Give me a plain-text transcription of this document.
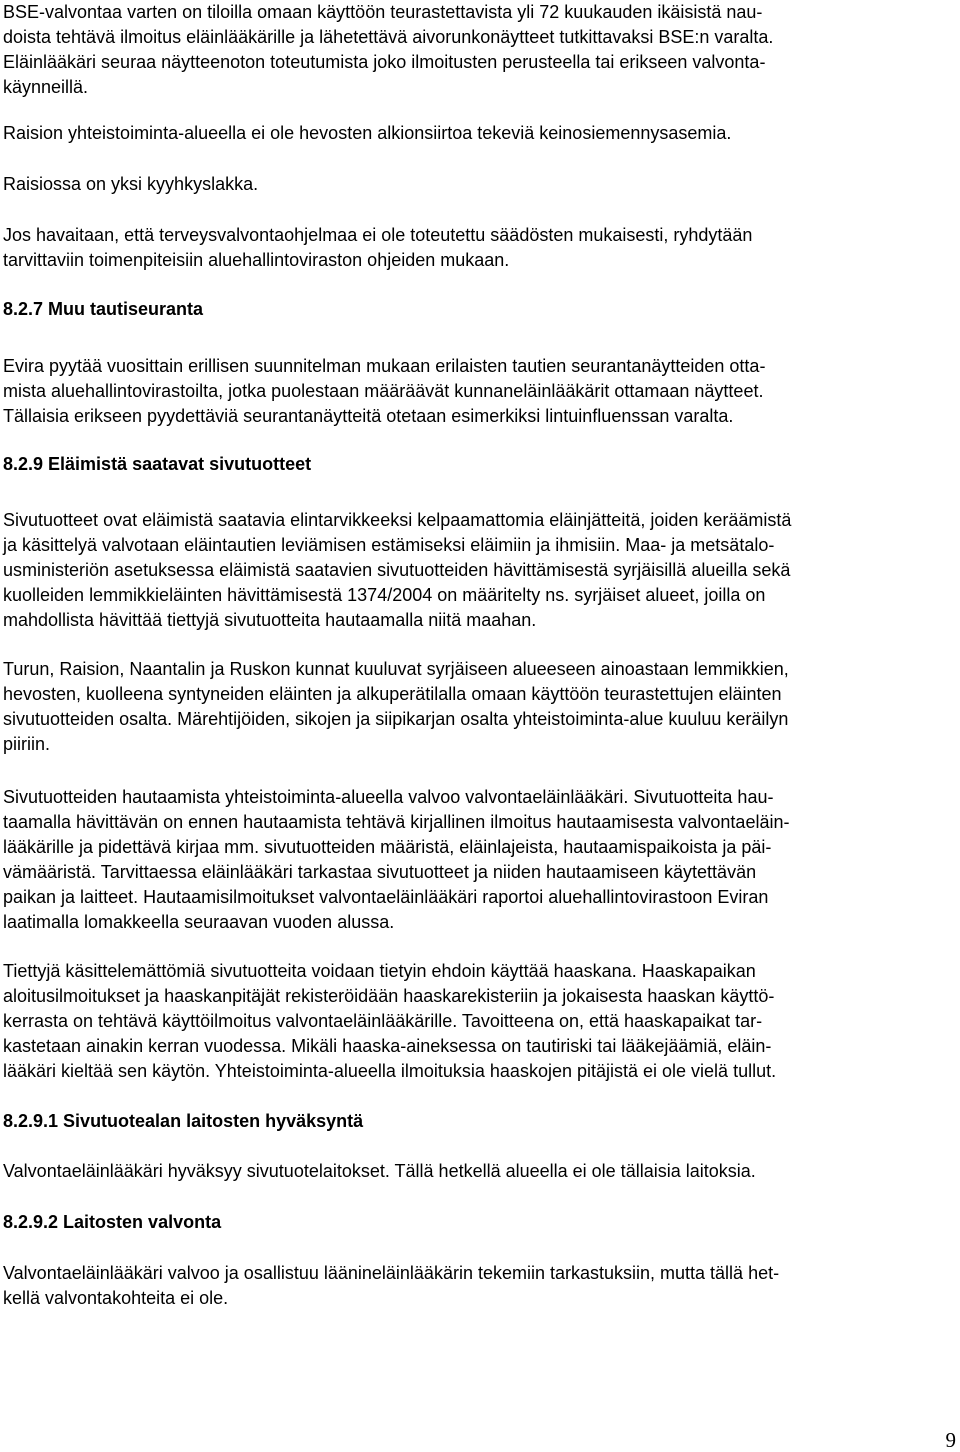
BSE-valvontaa varten on tiloilla omaan käyttöön teurastettavista yli 72 kuukauden ikäisistä nau-
doista tehtävä ilmoitus eläinlääkärille ja lähetettävä aivorunkonäytteet tutkittavaksi BSE:n varalta.
Eläinlääkäri seuraa näytteenoton toteutumista joko ilmoitusten perusteella tai erikseen valvonta-
käynneillä.
Raision yhteistoiminta-alueella ei ole hevosten alkionsiirtoa tekeviä keinosiemennysasemia.
Raisiossa on yksi kyyhkyslakka.
Jos havaitaan, että terveysvalvontaohjelmaa ei ole toteutettu säädösten mukaisesti, ryhdytään
tarvittaviin toimenpiteisiin aluehallintoviraston ohjeiden mukaan.
8.2.7 Muu tautiseuranta
Evira pyytää vuosittain erillisen suunnitelman mukaan erilaisten tautien seurantanäytteiden otta-
mista aluehallintovirastoilta, jotka puolestaan määräävät kunnaneläinlääkärit ottamaan näytteet.
Tällaisia erikseen pyydettäviä seurantanäytteitä otetaan esimerkiksi lintuinfluenssan varalta.
8.2.9 Eläimistä saatavat sivutuotteet
Sivutuotteet ovat eläimistä saatavia elintarvikkeeksi kelpaamattomia eläinjätteitä, joiden keräämistä
ja käsittelyä valvotaan eläintautien leviämisen estämiseksi eläimiin ja ihmisiin. Maa- ja metsätalo-
usministeriön asetuksessa eläimistä saatavien sivutuotteiden hävittämisestä syrjäisillä alueilla sekä
kuolleiden lemmikkieläinten hävittämisestä 1374/2004 on määritelty ns. syrjäiset alueet, joilla on
mahdollista hävittää tiettyjä sivutuotteita hautaamalla niitä maahan.
Turun, Raision, Naantalin ja Ruskon kunnat kuuluvat syrjäiseen alueeseen ainoastaan lemmikkien,
hevosten, kuolleena syntyneiden eläinten ja alkuperätilalla omaan käyttöön teurastettujen eläinten
sivutuotteiden osalta. Märehtijöiden, sikojen ja siipikarjan osalta yhteistoiminta-alue kuuluu keräilyn
piiriin.
Sivutuotteiden hautaamista yhteistoiminta-alueella valvoo valvontaeläinlääkäri. Sivutuotteita hau-
taamalla hävittävän on ennen hautaamista tehtävä kirjallinen ilmoitus hautaamisesta valvontaeläin-
lääkärille ja pidettävä kirjaa mm. sivutuotteiden määristä, eläinlajeista, hautaamispaikoista ja päi-
vämääristä. Tarvittaessa eläinlääkäri tarkastaa sivutuotteet ja niiden hautaamiseen käytettävän
paikan ja laitteet. Hautaamisilmoitukset valvontaeläinlääkäri raportoi aluehallintovirastoon Eviran
laatimalla lomakkeella seuraavan vuoden alussa.
Tiettyjä käsittelemättömiä sivutuotteita voidaan tietyin ehdoin käyttää haaskana. Haaskapaikan
aloitusilmoitukset ja haaskanpitäjät rekisteröidään haaskarekisteriin ja jokaisesta haaskan käyttö-
kerrasta on tehtävä käyttöilmoitus valvontaeläinlääkärille. Tavoitteena on, että haaskapaikat tar-
kastetaan ainakin kerran vuodessa. Mikäli haaska-aineksessa on tautiriski tai lääkejäämiä, eläin-
lääkäri kieltää sen käytön. Yhteistoiminta-alueella ilmoituksia haaskojen pitäjistä ei ole vielä tullut.
8.2.9.1 Sivutuotealan laitosten hyväksyntä
Valvontaeläinlääkäri hyväksyy sivutuotelaitokset. Tällä hetkellä alueella ei ole tällaisia laitoksia.
8.2.9.2 Laitosten valvonta
Valvontaeläinlääkäri valvoo ja osallistuu läänineläinlääkärin tekemiin tarkastuksiin, mutta tällä het-
kellä valvontakohteita ei ole.
9
